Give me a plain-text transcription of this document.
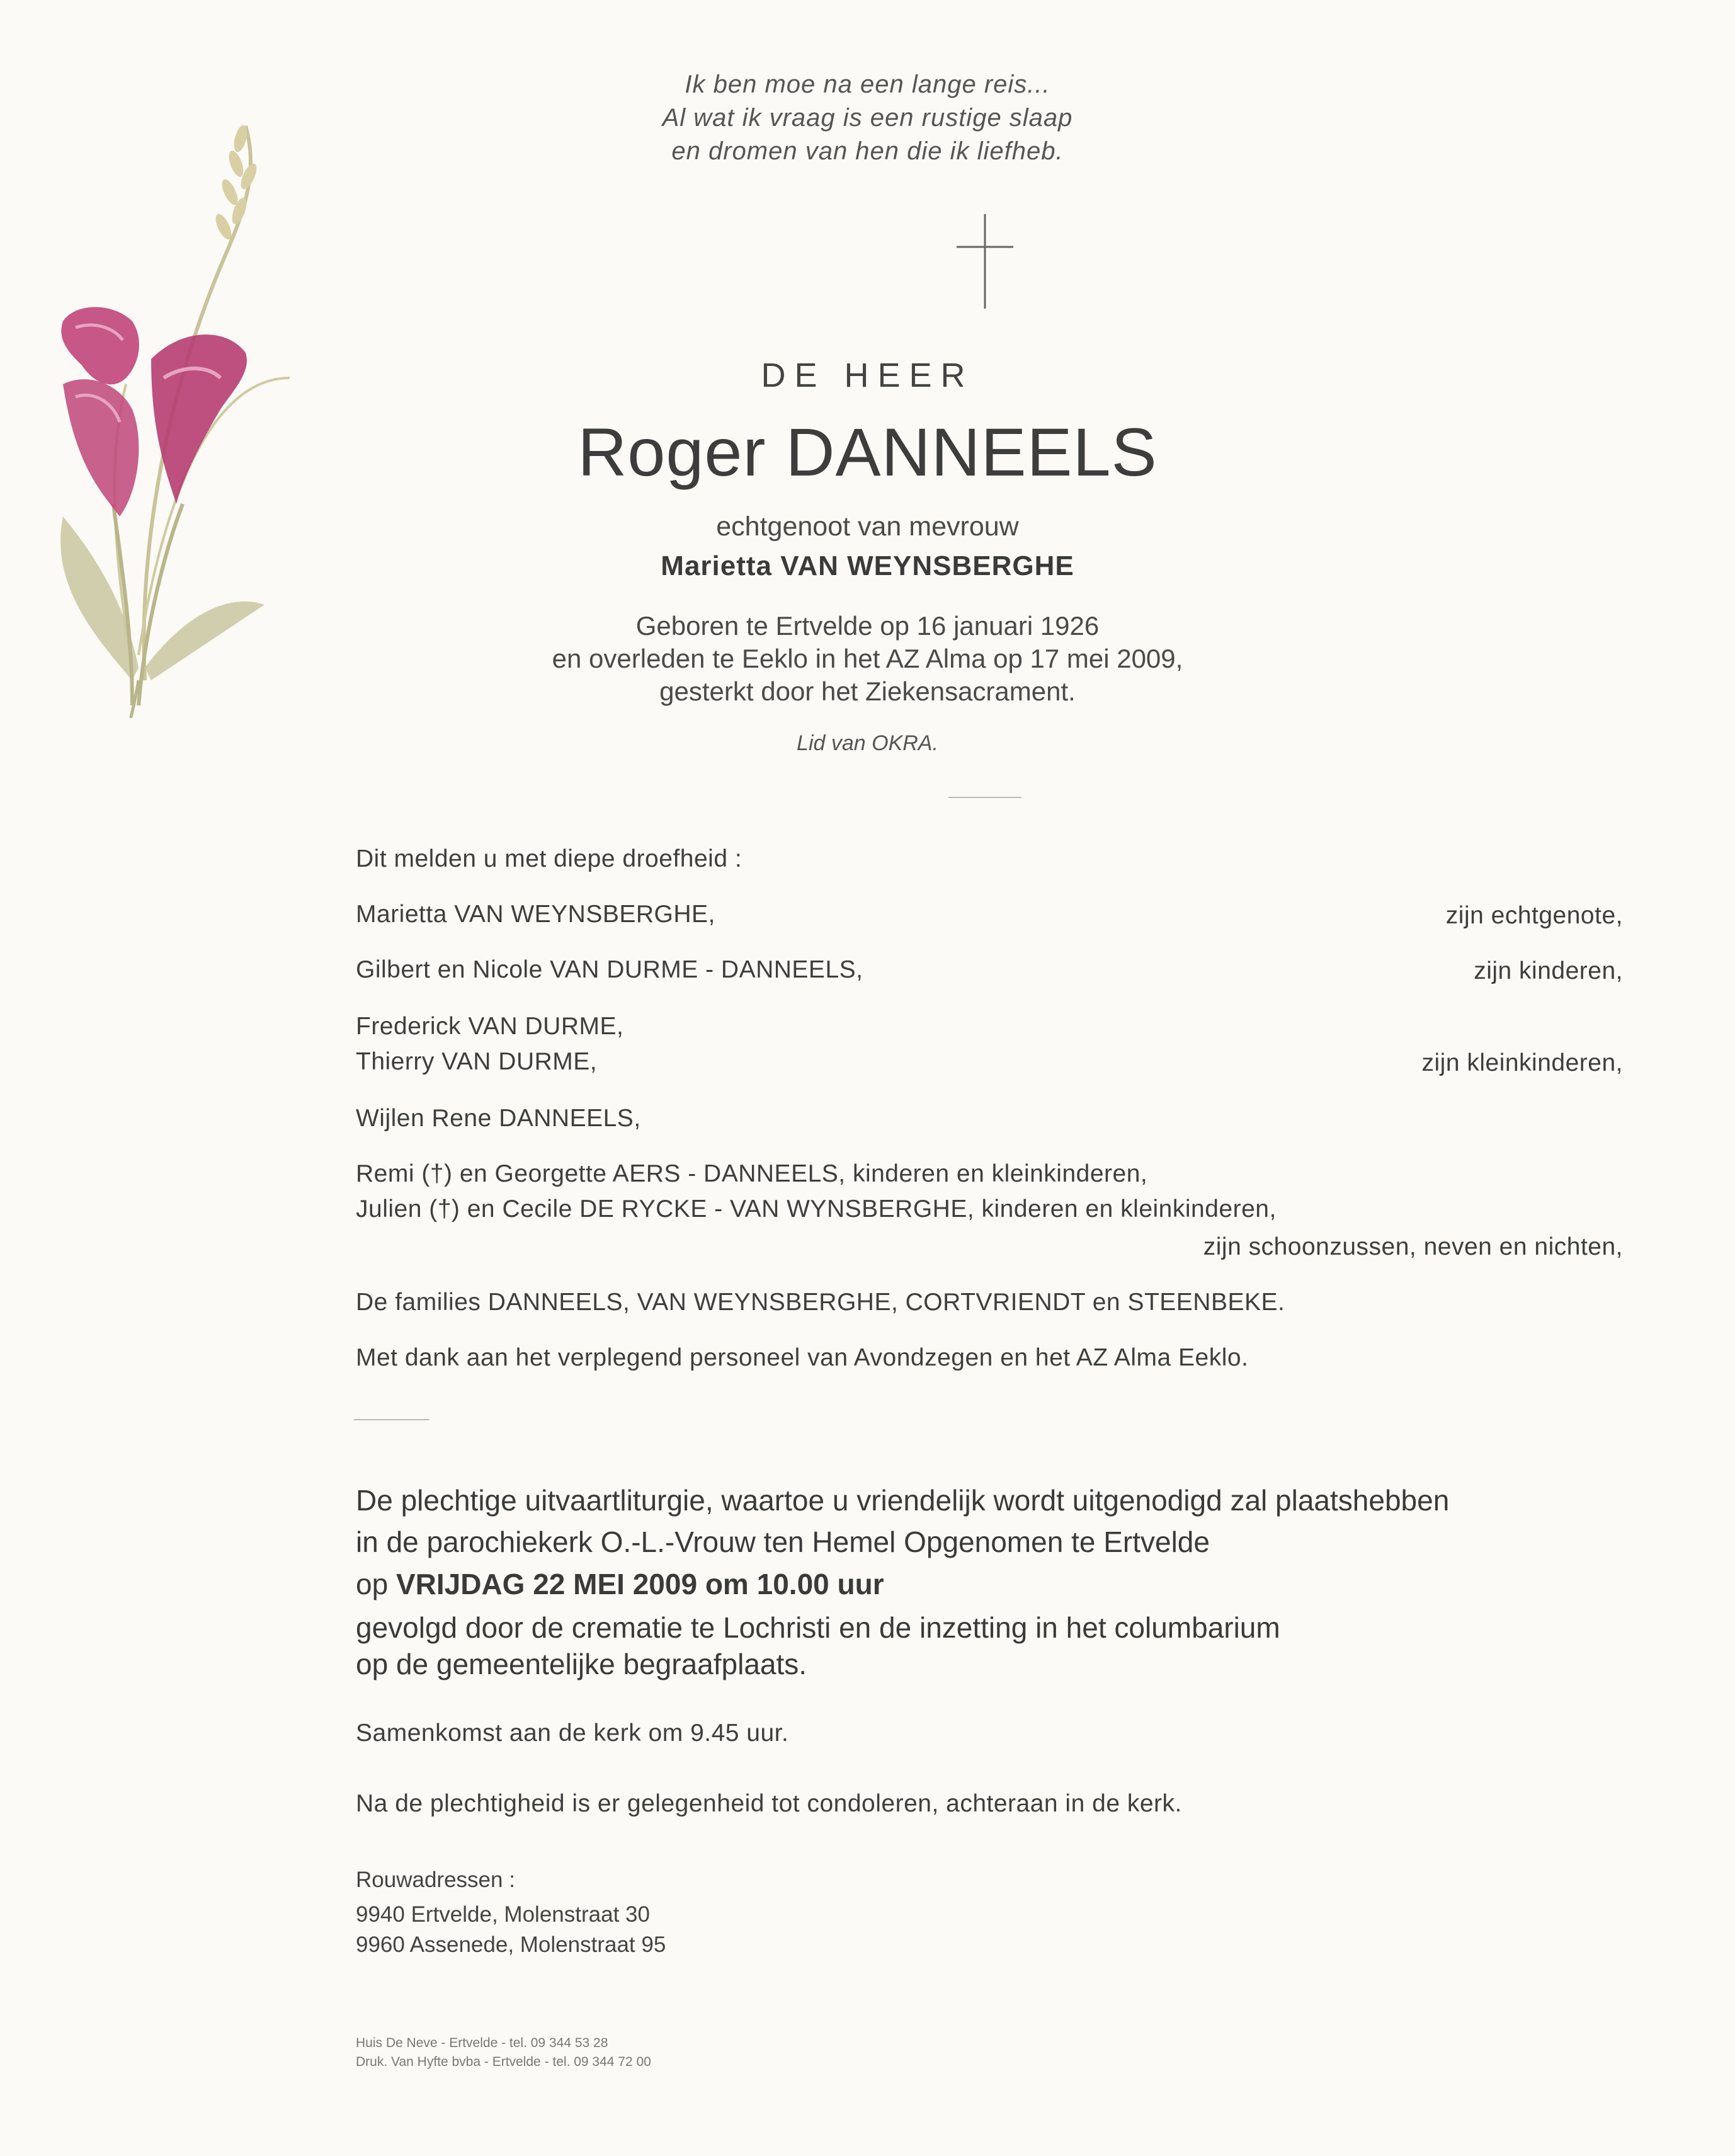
Ik ben moe na een lange reis...
Al wat ik vraag is een rustige slaap
en dromen van hen die ik liefheb.
DE HEER
Roger DANNEELS
echtgenoot van mevrouw
Marietta VAN WEYNSBERGHE
Geboren te Ertvelde op 16 januari 1926
en overleden te Eeklo in het AZ Alma op 17 mei 2009,
gesterkt door het Ziekensacrament.
Lid van OKRA.
Dit melden u met diepe droefheid :
Marietta VAN WEYNSBERGHE,	zijn echtgenote,
Gilbert en Nicole VAN DURME - DANNEELS,	zijn kinderen,
Frederick VAN DURME,
Thierry VAN DURME,	zijn kleinkinderen,
Wijlen Rene DANNEELS,
Remi (†) en Georgette AERS - DANNEELS, kinderen en kleinkinderen,
Julien (†) en Cecile DE RYCKE - VAN WYNSBERGHE, kinderen en kleinkinderen,
zijn schoonzussen, neven en nichten,
De families DANNEELS, VAN WEYNSBERGHE, CORTVRIENDT en STEENBEKE.
Met dank aan het verplegend personeel van Avondzegen en het AZ Alma Eeklo.
De plechtige uitvaartliturgie, waartoe u vriendelijk wordt uitgenodigd zal plaatshebben
in de parochiekerk O.-L.-Vrouw ten Hemel Opgenomen te Ertvelde
op VRIJDAG 22 MEI 2009 om 10.00 uur
gevolgd door de crematie te Lochristi en de inzetting in het columbarium
op de gemeentelijke begraafplaats.
Samenkomst aan de kerk om 9.45 uur.
Na de plechtigheid is er gelegenheid tot condoleren, achteraan in de kerk.
Rouwadressen :
9940 Ertvelde, Molenstraat 30
9960 Assenede, Molenstraat 95
Huis De Neve - Ertvelde - tel. 09 344 53 28
Druk. Van Hyfte bvba - Ertvelde - tel. 09 344 72 00
